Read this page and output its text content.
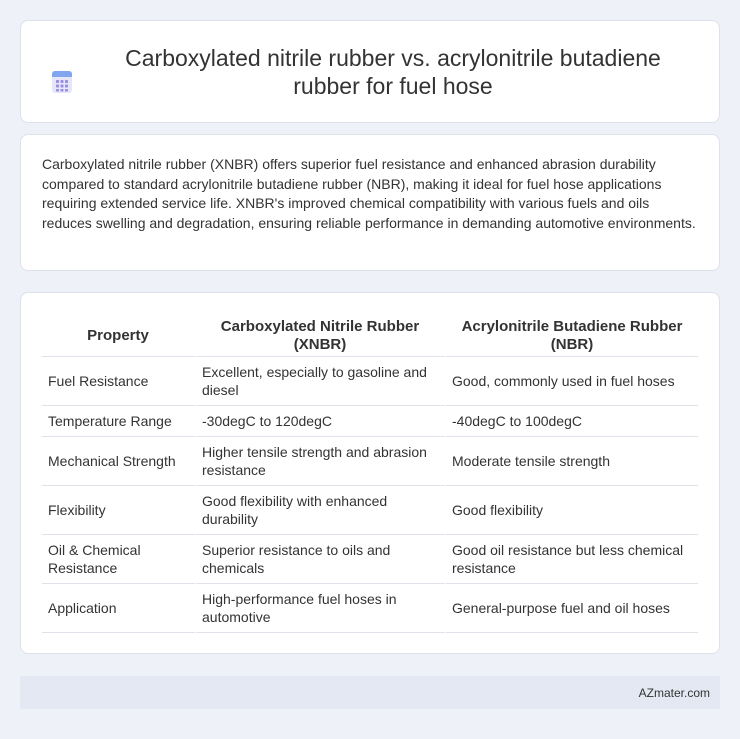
Carboxylated nitrile rubber vs. acrylonitrile butadiene rubber for fuel hose

Carboxylated nitrile rubber (XNBR) offers superior fuel resistance and enhanced abrasion durability compared to standard acrylonitrile butadiene rubber (NBR), making it ideal for fuel hose applications requiring extended service life. XNBR's improved chemical compatibility with various fuels and oils reduces swelling and degradation, ensuring reliable performance in demanding automotive environments.

Property	Carboxylated Nitrile Rubber (XNBR)	Acrylonitrile Butadiene Rubber (NBR)
Fuel Resistance	Excellent, especially to gasoline and diesel	Good, commonly used in fuel hoses
Temperature Range	-30degC to 120degC	-40degC to 100degC
Mechanical Strength	Higher tensile strength and abrasion resistance	Moderate tensile strength
Flexibility	Good flexibility with enhanced durability	Good flexibility
Oil & Chemical Resistance	Superior resistance to oils and chemicals	Good oil resistance but less chemical resistance
Application	High-performance fuel hoses in automotive	General-purpose fuel and oil hoses
AZmater.com
